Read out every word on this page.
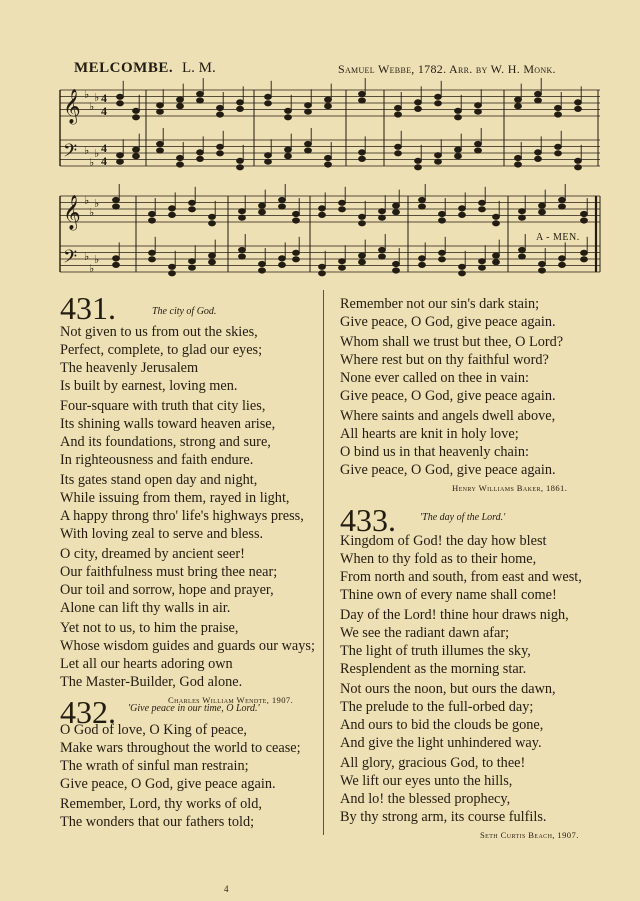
MELCOMBE. L. M.	Samuel Webbe, 1782. Arr. by W. H. Monk.
𝄞 ♭
♭
♭
𝄢 ♭
♭
♭
𝄞 ♭
♭
♭
𝄢 ♭
♭
♭
4
4
4
4
A - MEN.
431.	The city of God.
Not given to us from out the skies,
Perfect, complete, to glad our eyes;
The heavenly Jerusalem
Is built by earnest, loving men.
Four-square with truth that city lies,
Its shining walls toward heaven arise,
And its foundations, strong and sure,
In righteousness and faith endure.
Its gates stand open day and night,
While issuing from them, rayed in light,
A happy throng thro' life's highways press,
With loving zeal to serve and bless.
O city, dreamed by ancient seer!
Our faithfulness must bring thee near;
Our toil and sorrow, hope and prayer,
Alone can lift thy walls in air.
Yet not to us, to him the praise,
Whose wisdom guides and guards our ways;
Let all our hearts adoring own
The Master-Builder, God alone.
Charles William Wendte, 1907.
432. 'Give peace in our time, O Lord.'
O God of love, O King of peace,
Make wars throughout the world to cease;
The wrath of sinful man restrain;
Give peace, O God, give peace again.
Remember, Lord, thy works of old,
The wonders that our fathers told;
Remember not our sin's dark stain;
Give peace, O God, give peace again.
Whom shall we trust but thee, O Lord?
Where rest but on thy faithful word?
None ever called on thee in vain:
Give peace, O God, give peace again.
Where saints and angels dwell above,
All hearts are knit in holy love;
O bind us in that heavenly chain:
Give peace, O God, give peace again.
Henry Williams Baker, 1861.
433. 'The day of the Lord.'
Kingdom of God! the day how blest
When to thy fold as to their home,
From north and south, from east and west,
Thine own of every name shall come!
Day of the Lord! thine hour draws nigh,
We see the radiant dawn afar;
The light of truth illumes the sky,
Resplendent as the morning star.
Not ours the noon, but ours the dawn,
The prelude to the full-orbed day;
And ours to bid the clouds be gone,
And give the light unhindered way.
All glory, gracious God, to thee!
We lift our eyes unto the hills,
And lo! the blessed prophecy,
By thy strong arm, its course fulfils.
Seth Curtis Beach, 1907.
4
